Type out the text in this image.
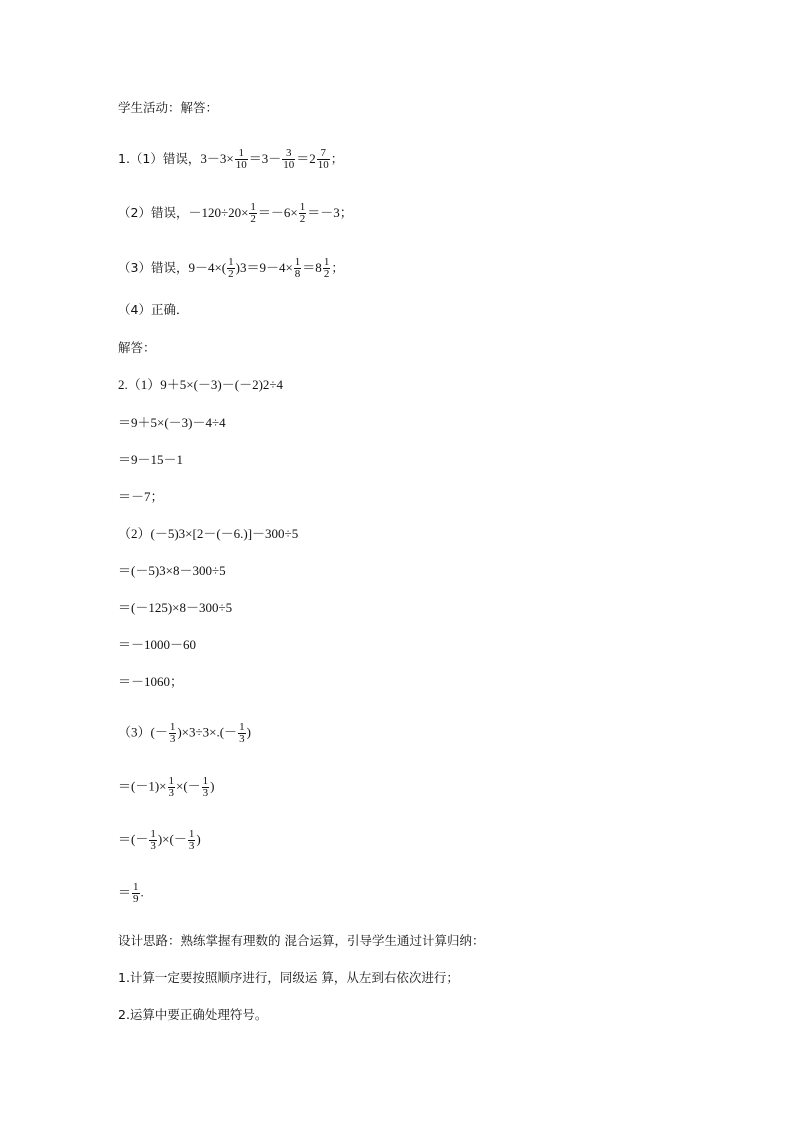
学生活动：解答：
1.（1）错误，$3-3\times \frac{1}{10} =3- \frac{3}{10} =2 \frac{7}{10}$ ；
（2）错误，$-120\div 20\times \frac{1}{2} =-6\times \frac{1}{2} =-3$；
（3）错误，$9-4\times( \frac{1}{2} )3=9-4\times \frac{1}{8} =8 \frac{1}{2}$ ；
（4）正确．
解答：
2.（1）9＋5×(－3)－(－2)2÷4
＝9＋5×(－3)－4÷4
＝9－15－1
＝－7；
（2）(－5)3×[2－(－6.)]－300÷5
＝(－5)3×8－300÷5
＝(－125)×8－300÷5
＝－1000－60
＝－1060；
$(3)(- \frac{1}{3} )\times 3\div 3\times.(- \frac{1}{3}$ )
$=(-1)\times \frac{1}{3}$ ×(－ $\frac{1}{3}$ )
＝(－ $\frac{1}{3}$ )×(－ $\frac{1}{3}$ )
＝ $\frac{1}{9}$ .
设计思路：熟练掌握有理数的 混合运算，引导学生通过计算归纳：
1.计算一定要按照顺序进行，同级运 算，从左到右依次进行；
2.运算中要正确处理符号。
